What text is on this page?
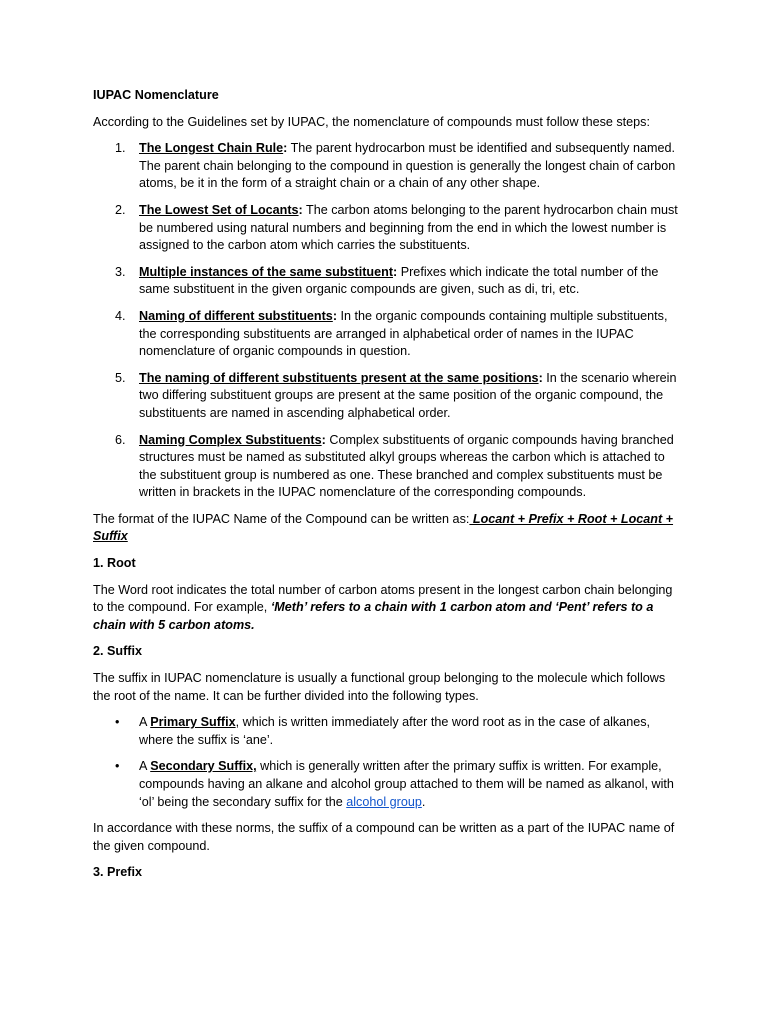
IUPAC Nomenclature

According to the Guidelines set by IUPAC, the nomenclature of compounds must follow these steps:

1. The Longest Chain Rule: The parent hydrocarbon must be identified and subsequently named. The parent chain belonging to the compound in question is generally the longest chain of carbon atoms, be it in the form of a straight chain or a chain of any other shape.
2. The Lowest Set of Locants: The carbon atoms belonging to the parent hydrocarbon chain must be numbered using natural numbers and beginning from the end in which the lowest number is assigned to the carbon atom which carries the substituents.
3. Multiple instances of the same substituent: Prefixes which indicate the total number of the same substituent in the given organic compounds are given, such as di, tri, etc.
4. Naming of different substituents: In the organic compounds containing multiple substituents, the corresponding substituents are arranged in alphabetical order of names in the IUPAC nomenclature of organic compounds in question.
5. The naming of different substituents present at the same positions: In the scenario wherein two differing substituent groups are present at the same position of the organic compound, the substituents are named in ascending alphabetical order.
6. Naming Complex Substituents: Complex substituents of organic compounds having branched structures must be named as substituted alkyl groups whereas the carbon which is attached to the substituent group is numbered as one. These branched and complex substituents must be written in brackets in the IUPAC nomenclature of the corresponding compounds.

The format of the IUPAC Name of the Compound can be written as: Locant + Prefix + Root + Locant + Suffix

1. Root

The Word root indicates the total number of carbon atoms present in the longest carbon chain belonging to the compound. For example, ‘Meth’ refers to a chain with 1 carbon atom and ‘Pent’ refers to a chain with 5 carbon atoms.

2. Suffix

The suffix in IUPAC nomenclature is usually a functional group belonging to the molecule which follows the root of the name. It can be further divided into the following types.

• A Primary Suffix, which is written immediately after the word root as in the case of alkanes, where the suffix is ‘ane’.
• A Secondary Suffix, which is generally written after the primary suffix is written. For example, compounds having an alkane and alcohol group attached to them will be named as alkanol, with ‘ol’ being the secondary suffix for the alcohol group.

In accordance with these norms, the suffix of a compound can be written as a part of the IUPAC name of the given compound.

3. Prefix
